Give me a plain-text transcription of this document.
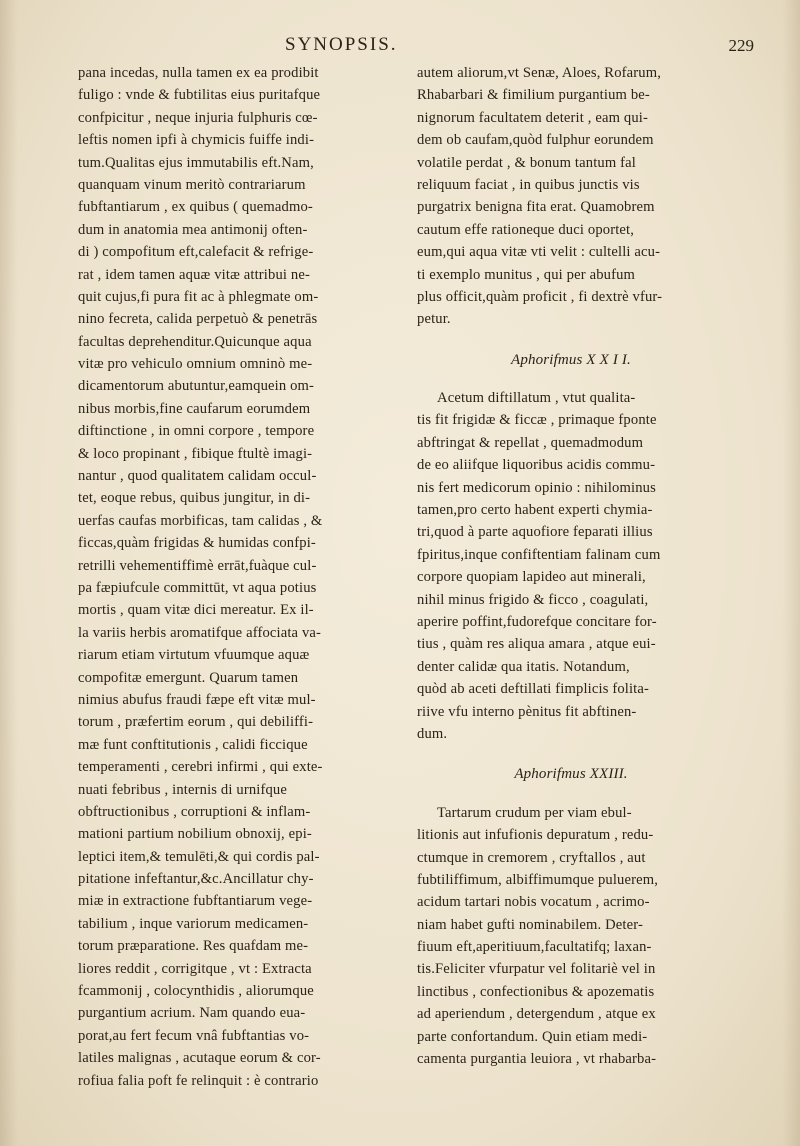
SYNOPSIS.	229
pana incedas, nulla tamen ex ea prodibit
fuligo : vnde & fubtilitas eius puritafque
confpicitur , neque injuria fulphuris cœ-
leftis nomen ipfi à chymicis fuiffe indi-
tum.Qualitas ejus immutabilis eft.Nam,
quanquam vinum meritò contrariarum
fubftantiarum , ex quibus ( quemadmo-
dum in anatomia mea antimonij often-
di ) compofitum eft,calefacit & refrige-
rat , idem tamen aquæ vitæ attribui ne-
quit cujus,fi pura fit ac à phlegmate om-
nino fecreta, calida perpetuò & penetrās
facultas deprehenditur.Quicunque aqua
vitæ pro vehiculo omnium omninò me-
dicamentorum abutuntur,eamquein om-
nibus morbis,fine caufarum eorumdem
diftinctione , in omni corpore , tempore
& loco propinant , fibique ftultè imagi-
nantur , quod qualitatem calidam occul-
tet, eoque rebus, quibus jungitur, in di-
uerfas caufas morbificas, tam calidas , &
ficcas,quàm frigidas & humidas confpi-
retrilli vehementiffimè errāt,fuàque cul-
pa fæpiufcule committūt, vt aqua potius
mortis , quam vitæ dici mereatur. Ex il-
la variis herbis aromatifque affociata va-
riarum etiam virtutum vfuumque aquæ
compofitæ emergunt. Quarum tamen
nimius abufus fraudi fæpe eft vitæ mul-
torum , præfertim eorum , qui debiliffi-
mæ funt conftitutionis , calidi ficcique
temperamenti , cerebri infirmi , qui exte-
nuati febribus , internis di urnifque
obftructionibus , corruptioni & inflam-
mationi partium nobilium obnoxij, epi-
leptici item,& temulēti,& qui cordis pal-
pitatione infeftantur,&c.Ancillatur chy-
miæ in extractione fubftantiarum vege-
tabilium , inque variorum medicamen-
torum præparatione. Res quafdam me-
liores reddit , corrigitque , vt : Extracta
fcammonij , colocynthidis , aliorumque
purgantium acrium. Nam quando eua-
porat,au fert fecum vnâ fubftantias vo-
latiles malignas , acutaque eorum & cor-
rofiua falia poft fe relinquit : è contrario
autem aliorum,vt Senæ, Aloes, Rofarum,
Rhabarbari & fimilium purgantium be-
nignorum facultatem deterit , eam qui-
dem ob caufam,quòd fulphur eorundem
volatile perdat , & bonum tantum fal
reliquum faciat , in quibus junctis vis
purgatrix benigna fita erat. Quamobrem
cautum effe rationeque duci oportet,
eum,qui aqua vitæ vti velit : cultelli acu-
ti exemplo munitus , qui per abufum
plus officit,quàm proficit , fi dextrè vfur-
petur.
Aphorifmus X X I I.
Acetum diftillatum , vtut qualita-
tis fit frigidæ & ficcæ , primaque fponte
abftringat & repellat , quemadmodum
de eo aliifque liquoribus acidis commu-
nis fert medicorum opinio : nihilominus
tamen,pro certo habent experti chymia-
tri,quod à parte aquofiore feparati illius
fpiritus,inque confiftentiam falinam cum
corpore quopiam lapideo aut minerali,
nihil minus frigido & ficco , coagulati,
aperire poffint,fudorefque concitare for-
tius , quàm res aliqua amara , atque eui-
denter calidæ qua itatis. Notandum,
quòd ab aceti deftillati fimplicis folita-
riive vfu interno pènitus fit abftinen-
dum.
Aphorifmus XXIII.
Tartarum crudum per viam ebul-
litionis aut infufionis depuratum , redu-
ctumque in cremorem , cryftallos , aut
fubtiliffimum, albiffimumque puluerem,
acidum tartari nobis vocatum , acrimo-
niam habet gufti nominabilem. Deter-
fiuum eft,aperitiuum,facultatifq; laxan-
tis.Feliciter vfurpatur vel folitariè vel in
linctibus , confectionibus & apozematis
ad aperiendum , detergendum , atque ex
parte confortandum. Quin etiam medi-
camenta purgantia leuiora , vt rhabarba-
